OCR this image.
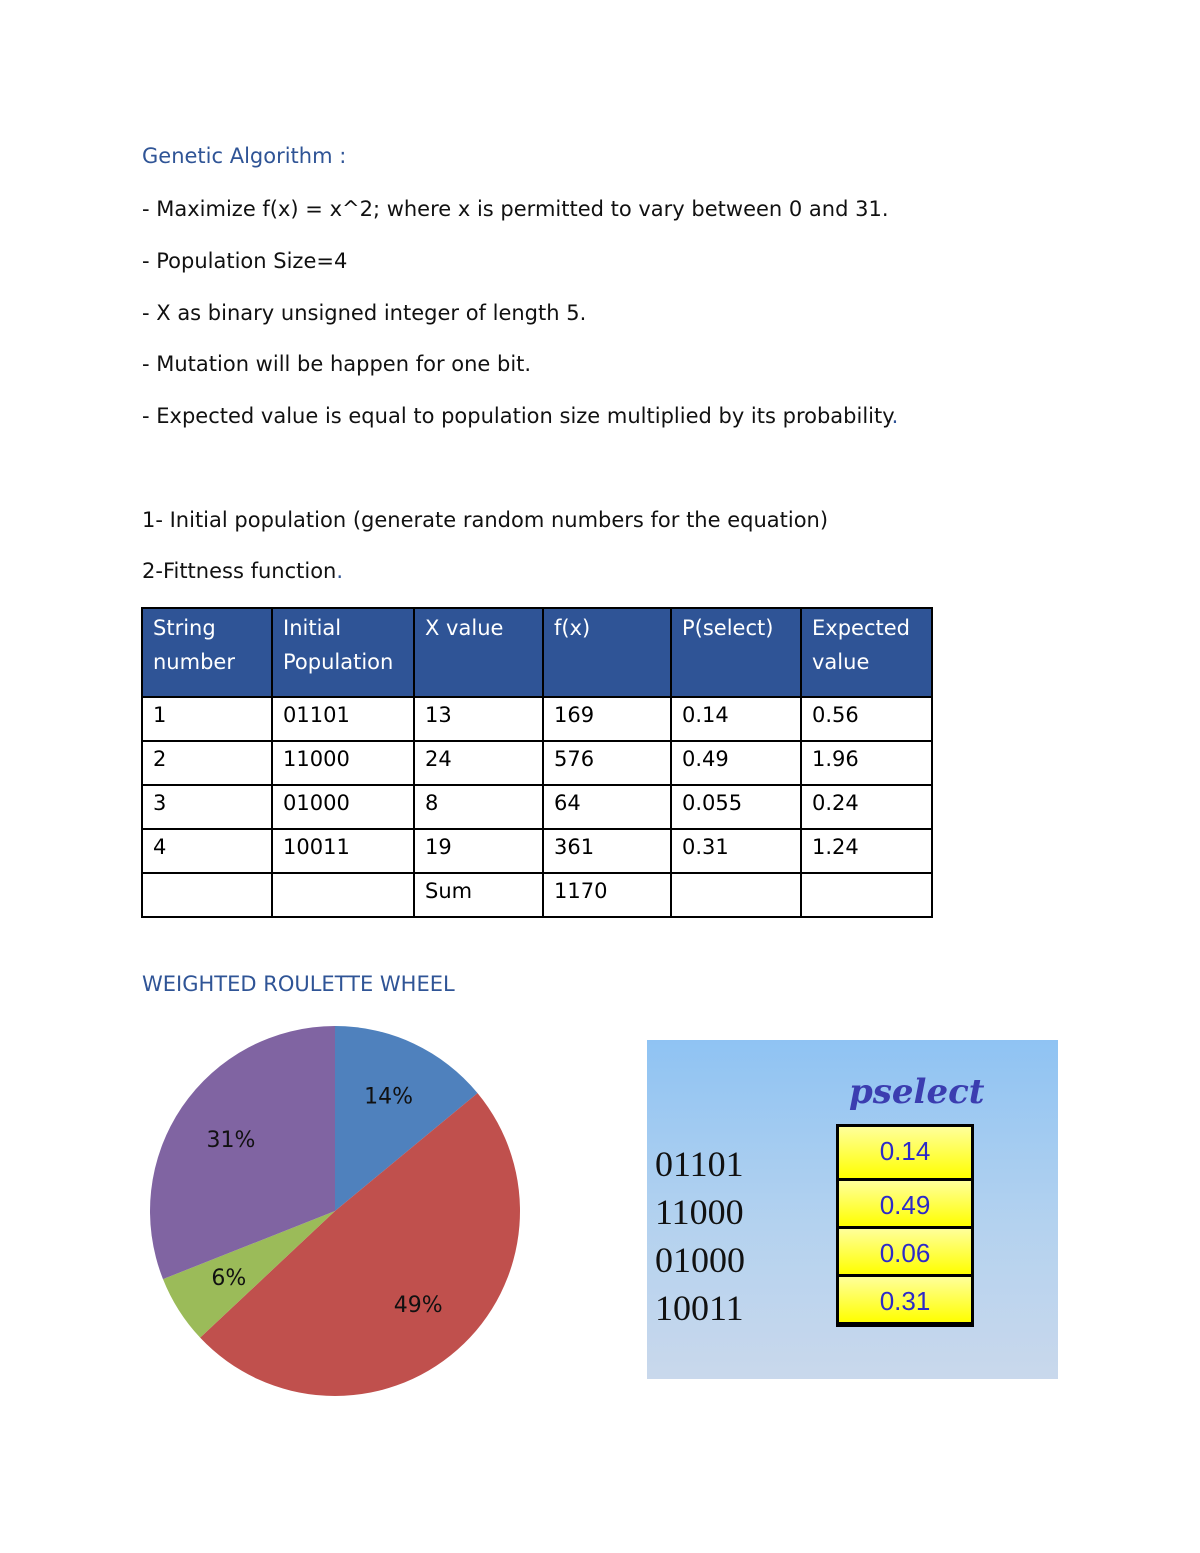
Genetic Algorithm :
- Maximize f(x) = x^2; where x is permitted to vary between 0 and 31.
- Population Size=4
- X as binary unsigned integer of length 5.
- Mutation will be happen for one bit.
- Expected value is equal to population size multiplied by its probability.
1- Initial population (generate random numbers for the equation)
2-Fittness function.
String number	Initial Population	X value	f(x)	P(select)	Expected value
1	01101	13	169	0.14	0.56
2	11000	24	576	0.49	1.96
3	01000	8	64	0.055	0.24
4	10011	19	361	0.31	1.24
		Sum	1170		
WEIGHTED ROULETTE WHEEL
14%
49%
6%
31%
pselect
01101
11000
01000
10011
0.14
0.49
0.06
0.31
